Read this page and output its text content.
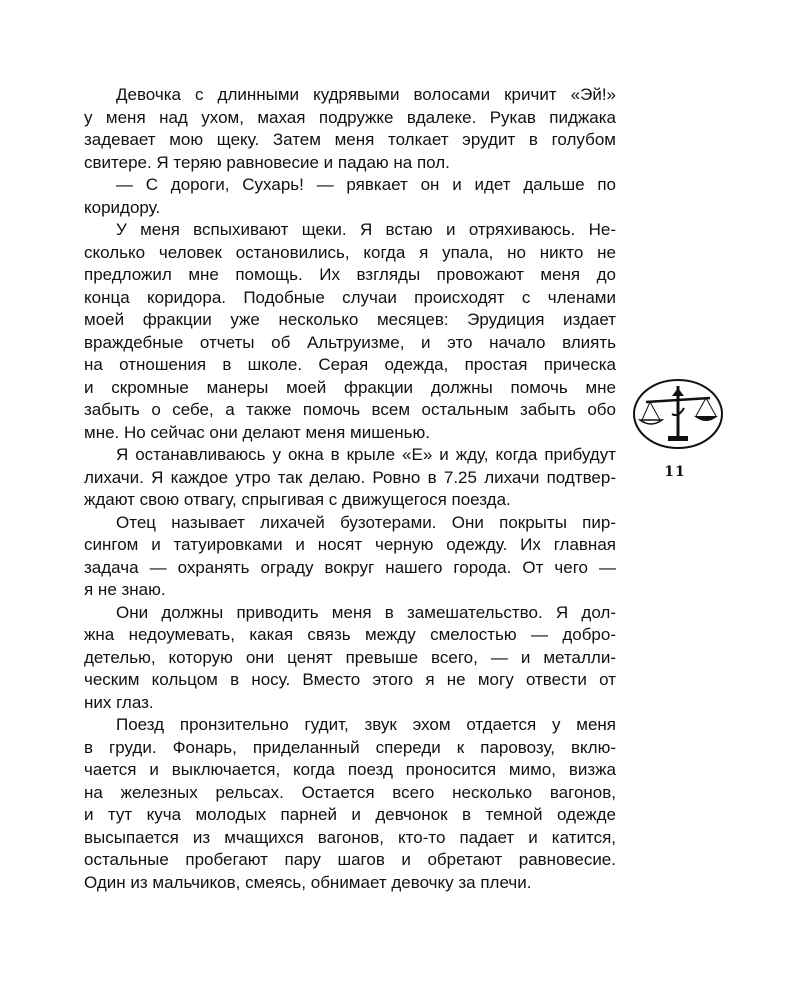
Девочка с длинными кудрявыми волосами кричит «Эй!»
у меня над ухом, махая подружке вдалеке. Рукав пиджака
задевает мою щеку. Затем меня толкает эрудит в голубом
свитере. Я теряю равновесие и падаю на пол.
— С дороги, Сухарь! — рявкает он и идет дальше по
коридору.
У меня вспыхивают щеки. Я встаю и отряхиваюсь. Не-
сколько человек остановились, когда я упала, но никто не
предложил мне помощь. Их взгляды провожают меня до
конца коридора. Подобные случаи происходят с членами
моей фракции уже несколько месяцев: Эрудиция издает
враждебные отчеты об Альтруизме, и это начало влиять
на отношения в школе. Серая одежда, простая прическа
и скромные манеры моей фракции должны помочь мне
забыть о себе, а также помочь всем остальным забыть обо
мне. Но сейчас они делают меня мишенью.
Я останавливаюсь у окна в крыле «Е» и жду, когда прибудут
лихачи. Я каждое утро так делаю. Ровно в 7.25 лихачи подтвер-
ждают свою отвагу, спрыгивая с движущегося поезда.
Отец называет лихачей бузотерами. Они покрыты пир-
сингом и татуировками и носят черную одежду. Их главная
задача — охранять ограду вокруг нашего города. От чего —
я не знаю.
Они должны приводить меня в замешательство. Я дол-
жна недоумевать, какая связь между смелостью — добро-
детелью, которую они ценят превыше всего, — и металли-
ческим кольцом в носу. Вместо этого я не могу отвести от
них глаз.
Поезд пронзительно гудит, звук эхом отдается у меня
в груди. Фонарь, приделанный спереди к паровозу, вклю-
чается и выключается, когда поезд проносится мимо, визжа
на железных рельсах. Остается всего несколько вагонов,
и тут куча молодых парней и девчонок в темной одежде
высыпается из мчащихся вагонов, кто-то падает и катится,
остальные пробегают пару шагов и обретают равновесие.
Один из мальчиков, смеясь, обнимает девочку за плечи.
11
